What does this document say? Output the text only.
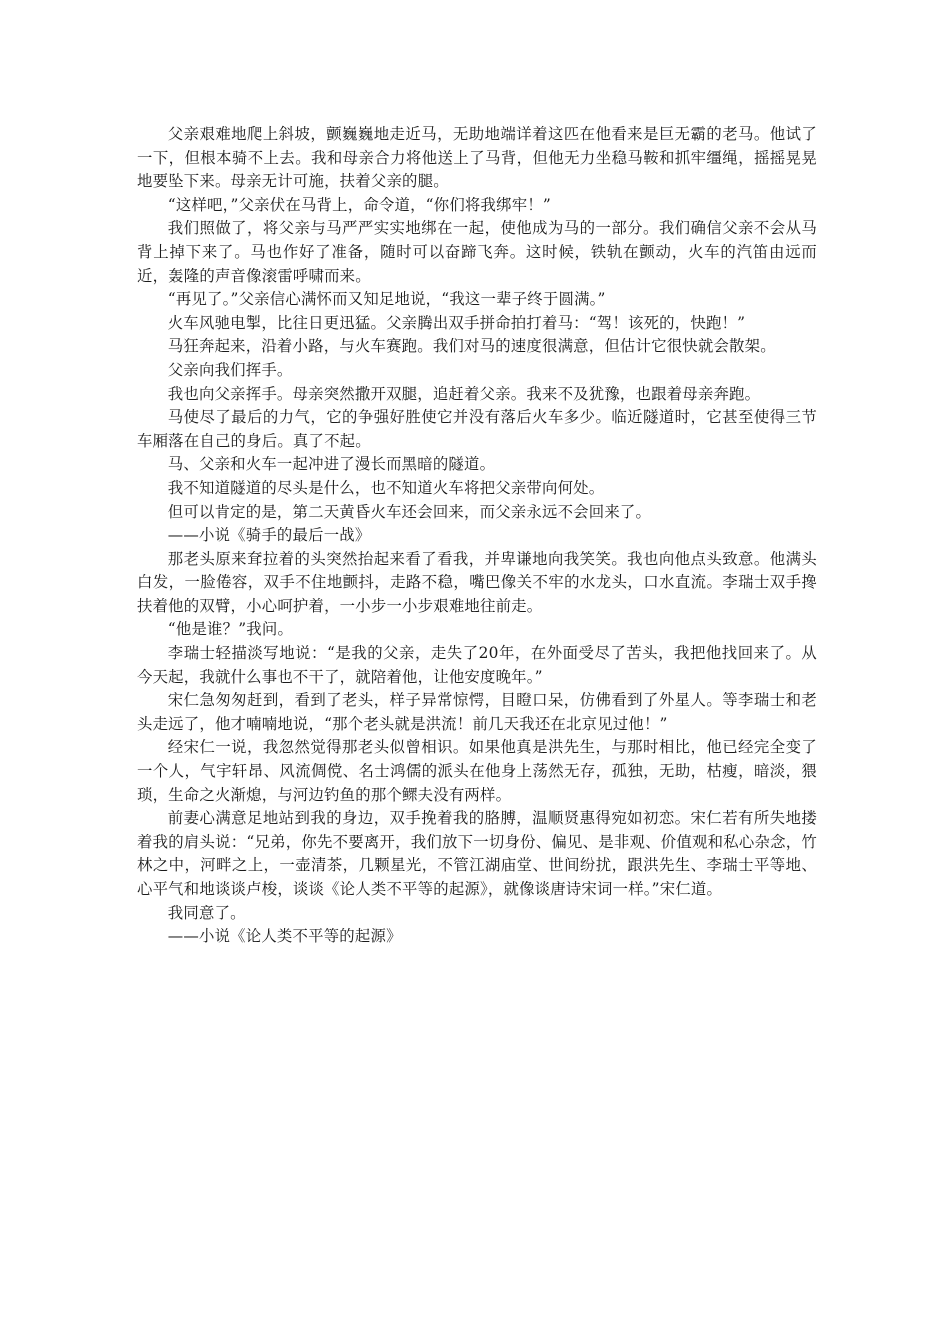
父亲艰难地爬上斜坡，颤巍巍地走近马，无助地端详着这匹在他看来是巨无霸的老马。他试了一下，但根本骑不上去。我和母亲合力将他送上了马背，但他无力坐稳马鞍和抓牢缰绳，摇摇晃晃地要坠下来。母亲无计可施，扶着父亲的腿。

“这样吧，”父亲伏在马背上，命令道，“你们将我绑牢！”

我们照做了，将父亲与马严严实实地绑在一起，使他成为马的一部分。我们确信父亲不会从马背上掉下来了。马也作好了准备，随时可以奋蹄飞奔。这时候，铁轨在颤动，火车的汽笛由远而近，轰隆的声音像滚雷呼啸而来。

“再见了。”父亲信心满怀而又知足地说，“我这一辈子终于圆满。”

火车风驰电掣，比往日更迅猛。父亲腾出双手拼命拍打着马：“驾！该死的，快跑！”

马狂奔起来，沿着小路，与火车赛跑。我们对马的速度很满意，但估计它很快就会散架。

父亲向我们挥手。

我也向父亲挥手。母亲突然撒开双腿，追赶着父亲。我来不及犹豫，也跟着母亲奔跑。

马使尽了最后的力气，它的争强好胜使它并没有落后火车多少。临近隧道时，它甚至使得三节车厢落在自己的身后。真了不起。

马、父亲和火车一起冲进了漫长而黑暗的隧道。

我不知道隧道的尽头是什么，也不知道火车将把父亲带向何处。

但可以肯定的是，第二天黄昏火车还会回来，而父亲永远不会回来了。

——小说《骑手的最后一战》

那老头原来耷拉着的头突然抬起来看了看我，并卑谦地向我笑笑。我也向他点头致意。他满头白发，一脸倦容，双手不住地颤抖，走路不稳，嘴巴像关不牢的水龙头，口水直流。李瑞士双手搀扶着他的双臂，小心呵护着，一小步一小步艰难地往前走。

“他是谁？”我问。

李瑞士轻描淡写地说：“是我的父亲，走失了20年，在外面受尽了苦头，我把他找回来了。从今天起，我就什么事也不干了，就陪着他，让他安度晚年。”

宋仁急匆匆赶到，看到了老头，样子异常惊愕，目瞪口呆，仿佛看到了外星人。等李瑞士和老头走远了，他才喃喃地说，“那个老头就是洪流！前几天我还在北京见过他！”

经宋仁一说，我忽然觉得那老头似曾相识。如果他真是洪先生，与那时相比，他已经完全变了一个人，气宇轩昂、风流倜傥、名士鸿儒的派头在他身上荡然无存，孤独，无助，枯瘦，暗淡，猥琐，生命之火渐熄，与河边钓鱼的那个鳏夫没有两样。

前妻心满意足地站到我的身边，双手挽着我的胳膊，温顺贤惠得宛如初恋。宋仁若有所失地搂着我的肩头说：“兄弟，你先不要离开，我们放下一切身份、偏见、是非观、价值观和私心杂念，竹林之中，河畔之上，一壶清茶，几颗星光，不管江湖庙堂、世间纷扰，跟洪先生、李瑞士平等地、心平气和地谈谈卢梭，谈谈《论人类不平等的起源》，就像谈唐诗宋词一样。”宋仁道。

我同意了。

——小说《论人类不平等的起源》
